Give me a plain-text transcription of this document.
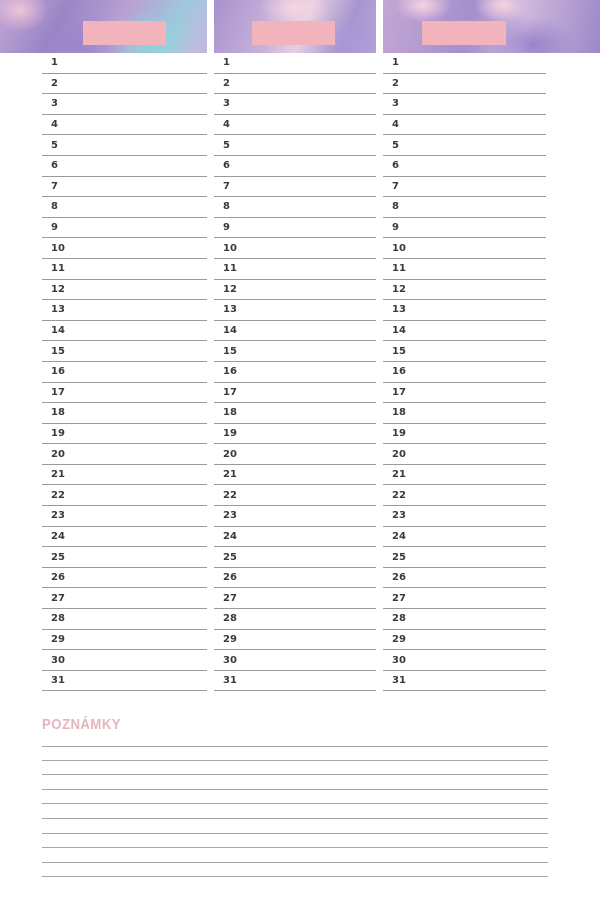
1
2
3
4
5
6
7
8
9
10
11
12
13
14
15
16
17
18
19
20
21
22
23
24
25
26
27
28
29
30
31
1
2
3
4
5
6
7
8
9
10
11
12
13
14
15
16
17
18
19
20
21
22
23
24
25
26
27
28
29
30
31
1
2
3
4
5
6
7
8
9
10
11
12
13
14
15
16
17
18
19
20
21
22
23
24
25
26
27
28
29
30
31
POZNÁMKY
